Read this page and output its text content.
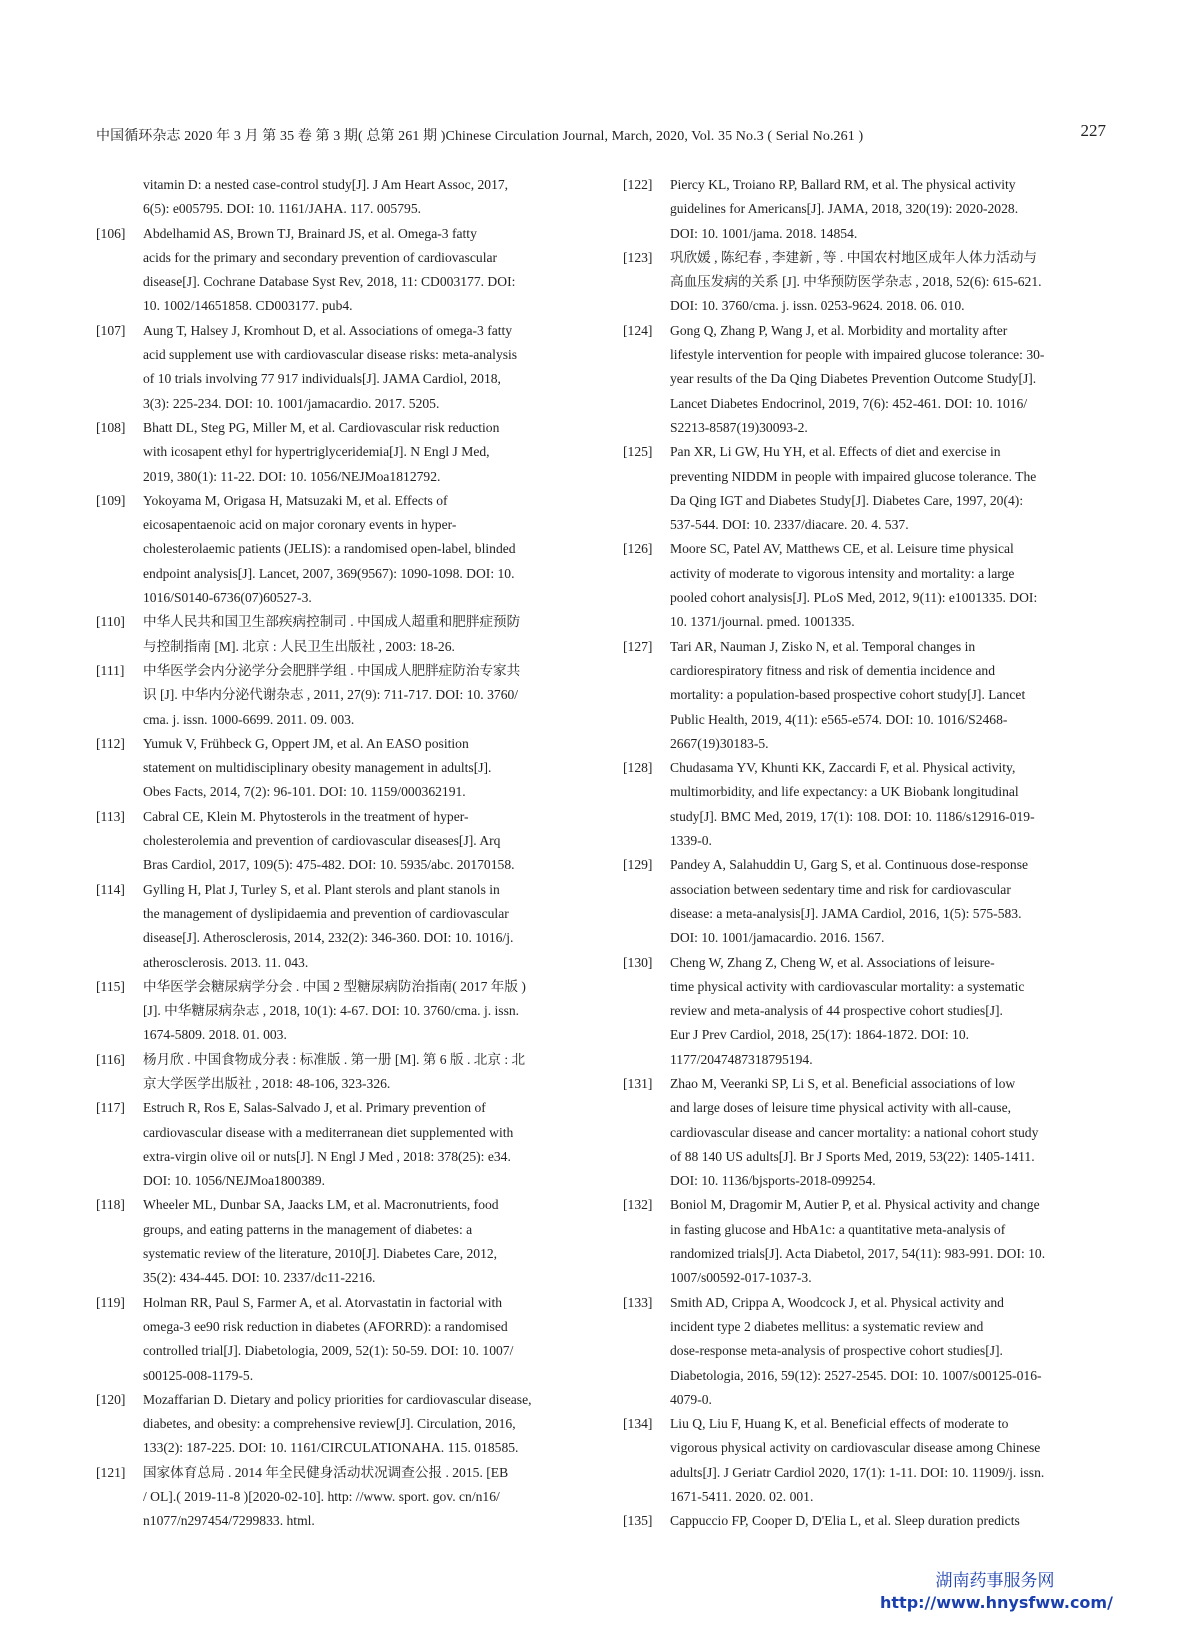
中国循环杂志 2020 年 3 月 第 35 卷 第 3 期( 总第 261 期 )Chinese Circulation Journal, March, 2020, Vol. 35 No.3 ( Serial No.261 )	227
vitamin D: a nested case-control study[J]. J Am Heart Assoc, 2017,
6(5): e005795. DOI: 10. 1161/JAHA. 117. 005795.
[106] Abdelhamid AS, Brown TJ, Brainard JS, et al. Omega-3 fatty
acids for the primary and secondary prevention of cardiovascular
disease[J]. Cochrane Database Syst Rev, 2018, 11: CD003177. DOI:
10. 1002/14651858. CD003177. pub4.
[107] Aung T, Halsey J, Kromhout D, et al. Associations of omega-3 fatty
acid supplement use with cardiovascular disease risks: meta-analysis
of 10 trials involving 77 917 individuals[J]. JAMA Cardiol, 2018,
3(3): 225-234. DOI: 10. 1001/jamacardio. 2017. 5205.
[108] Bhatt DL, Steg PG, Miller M, et al. Cardiovascular risk reduction
with icosapent ethyl for hypertriglyceridemia[J]. N Engl J Med,
2019, 380(1): 11-22. DOI: 10. 1056/NEJMoa1812792.
[109] Yokoyama M, Origasa H, Matsuzaki M, et al. Effects of
eicosapentaenoic acid on major coronary events in hyper-
cholesterolaemic patients (JELIS): a randomised open-label, blinded
endpoint analysis[J]. Lancet, 2007, 369(9567): 1090-1098. DOI: 10.
1016/S0140-6736(07)60527-3.
[110] 中华人民共和国卫生部疾病控制司 . 中国成人超重和肥胖症预防
与控制指南 [M]. 北京 : 人民卫生出版社 , 2003: 18-26.
[111] 中华医学会内分泌学分会肥胖学组 . 中国成人肥胖症防治专家共
识 [J]. 中华内分泌代谢杂志 , 2011, 27(9): 711-717. DOI: 10. 3760/
cma. j. issn. 1000-6699. 2011. 09. 003.
[112] Yumuk V, Frühbeck G, Oppert JM, et al. An EASO position
statement on multidisciplinary obesity management in adults[J].
Obes Facts, 2014, 7(2): 96-101. DOI: 10. 1159/000362191.
[113] Cabral CE, Klein M. Phytosterols in the treatment of hyper-
cholesterolemia and prevention of cardiovascular diseases[J]. Arq
Bras Cardiol, 2017, 109(5): 475-482. DOI: 10. 5935/abc. 20170158.
[114] Gylling H, Plat J, Turley S, et al. Plant sterols and plant stanols in
the management of dyslipidaemia and prevention of cardiovascular
disease[J]. Atherosclerosis, 2014, 232(2): 346-360. DOI: 10. 1016/j.
atherosclerosis. 2013. 11. 043.
[115] 中华医学会糖尿病学分会 . 中国 2 型糖尿病防治指南( 2017 年版 )
[J]. 中华糖尿病杂志 , 2018, 10(1): 4-67. DOI: 10. 3760/cma. j. issn.
1674-5809. 2018. 01. 003.
[116] 杨月欣 . 中国食物成分表 : 标准版 . 第一册 [M]. 第 6 版 . 北京 : 北
京大学医学出版社 , 2018: 48-106, 323-326.
[117] Estruch R, Ros E, Salas-Salvado J, et al. Primary prevention of
cardiovascular disease with a mediterranean diet supplemented with
extra-virgin olive oil or nuts[J]. N Engl J Med , 2018: 378(25): e34.
DOI: 10. 1056/NEJMoa1800389.
[118] Wheeler ML, Dunbar SA, Jaacks LM, et al. Macronutrients, food
groups, and eating patterns in the management of diabetes: a
systematic review of the literature, 2010[J]. Diabetes Care, 2012,
35(2): 434-445. DOI: 10. 2337/dc11-2216.
[119] Holman RR, Paul S, Farmer A, et al. Atorvastatin in factorial with
omega-3 ee90 risk reduction in diabetes (AFORRD): a randomised
controlled trial[J]. Diabetologia, 2009, 52(1): 50-59. DOI: 10. 1007/
s00125-008-1179-5.
[120] Mozaffarian D. Dietary and policy priorities for cardiovascular disease,
diabetes, and obesity: a comprehensive review[J]. Circulation, 2016,
133(2): 187-225. DOI: 10. 1161/CIRCULATIONAHA. 115. 018585.
[121] 国家体育总局 . 2014 年全民健身活动状况调查公报 . 2015. [EB
/ OL].( 2019-11-8 )[2020-02-10]. http: //www. sport. gov. cn/n16/
n1077/n297454/7299833. html.
[122] Piercy KL, Troiano RP, Ballard RM, et al. The physical activity
guidelines for Americans[J]. JAMA, 2018, 320(19): 2020-2028.
DOI: 10. 1001/jama. 2018. 14854.
[123] 巩欣媛 , 陈纪春 , 李建新 , 等 . 中国农村地区成年人体力活动与
高血压发病的关系 [J]. 中华预防医学杂志 , 2018, 52(6): 615-621.
DOI: 10. 3760/cma. j. issn. 0253-9624. 2018. 06. 010.
[124] Gong Q, Zhang P, Wang J, et al. Morbidity and mortality after
lifestyle intervention for people with impaired glucose tolerance: 30-
year results of the Da Qing Diabetes Prevention Outcome Study[J].
Lancet Diabetes Endocrinol, 2019, 7(6): 452-461. DOI: 10. 1016/
S2213-8587(19)30093-2.
[125] Pan XR, Li GW, Hu YH, et al. Effects of diet and exercise in
preventing NIDDM in people with impaired glucose tolerance. The
Da Qing IGT and Diabetes Study[J]. Diabetes Care, 1997, 20(4):
537-544. DOI: 10. 2337/diacare. 20. 4. 537.
[126] Moore SC, Patel AV, Matthews CE, et al. Leisure time physical
activity of moderate to vigorous intensity and mortality: a large
pooled cohort analysis[J]. PLoS Med, 2012, 9(11): e1001335. DOI:
10. 1371/journal. pmed. 1001335.
[127] Tari AR, Nauman J, Zisko N, et al. Temporal changes in
cardiorespiratory fitness and risk of dementia incidence and
mortality: a population-based prospective cohort study[J]. Lancet
Public Health, 2019, 4(11): e565-e574. DOI: 10. 1016/S2468-
2667(19)30183-5.
[128] Chudasama YV, Khunti KK, Zaccardi F, et al. Physical activity,
multimorbidity, and life expectancy: a UK Biobank longitudinal
study[J]. BMC Med, 2019, 17(1): 108. DOI: 10. 1186/s12916-019-
1339-0.
[129] Pandey A, Salahuddin U, Garg S, et al. Continuous dose-response
association between sedentary time and risk for cardiovascular
disease: a meta-analysis[J]. JAMA Cardiol, 2016, 1(5): 575-583.
DOI: 10. 1001/jamacardio. 2016. 1567.
[130] Cheng W, Zhang Z, Cheng W, et al. Associations of leisure-
time physical activity with cardiovascular mortality: a systematic
review and meta-analysis of 44 prospective cohort studies[J].
Eur J Prev Cardiol, 2018, 25(17): 1864-1872. DOI: 10.
1177/2047487318795194.
[131] Zhao M, Veeranki SP, Li S, et al. Beneficial associations of low
and large doses of leisure time physical activity with all-cause,
cardiovascular disease and cancer mortality: a national cohort study
of 88 140 US adults[J]. Br J Sports Med, 2019, 53(22): 1405-1411.
DOI: 10. 1136/bjsports-2018-099254.
[132] Boniol M, Dragomir M, Autier P, et al. Physical activity and change
in fasting glucose and HbA1c: a quantitative meta-analysis of
randomized trials[J]. Acta Diabetol, 2017, 54(11): 983-991. DOI: 10.
1007/s00592-017-1037-3.
[133] Smith AD, Crippa A, Woodcock J, et al. Physical activity and
incident type 2 diabetes mellitus: a systematic review and
dose-response meta-analysis of prospective cohort studies[J].
Diabetologia, 2016, 59(12): 2527-2545. DOI: 10. 1007/s00125-016-
4079-0.
[134] Liu Q, Liu F, Huang K, et al. Beneficial effects of moderate to
vigorous physical activity on cardiovascular disease among Chinese
adults[J]. J Geriatr Cardiol 2020, 17(1): 1-11. DOI: 10. 11909/j. issn.
1671-5411. 2020. 02. 001.
[135] Cappuccio FP, Cooper D, D'Elia L, et al. Sleep duration predicts
湖南药事服务网
http://www.hnysfww.com/
